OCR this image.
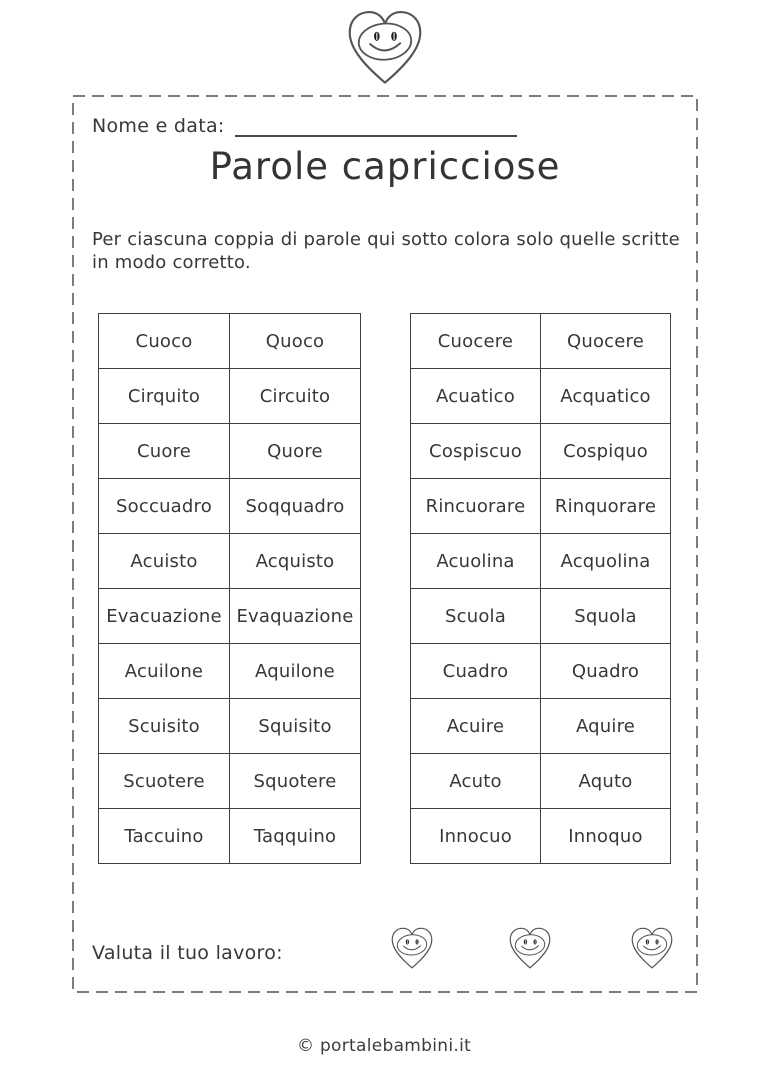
Nome e data:
Parole capricciose
Per ciascuna coppia di parole qui sotto colora solo quelle scritte
in modo corretto.
Cuoco	Quoco
Cirquito	Circuito
Cuore	Quore
Soccuadro	Soqquadro
Acuisto	Acquisto
Evacuazione	Evaquazione
Acuilone	Aquilone
Scuisito	Squisito
Scuotere	Squotere
Taccuino	Taqquino
Cuocere	Quocere
Acuatico	Acquatico
Cospiscuo	Cospiquo
Rincuorare	Rinquorare
Acuolina	Acquolina
Scuola	Squola
Cuadro	Quadro
Acuire	Aquire
Acuto	Aquto
Innocuo	Innoquo
Valuta il tuo lavoro:
© portalebambini.it
